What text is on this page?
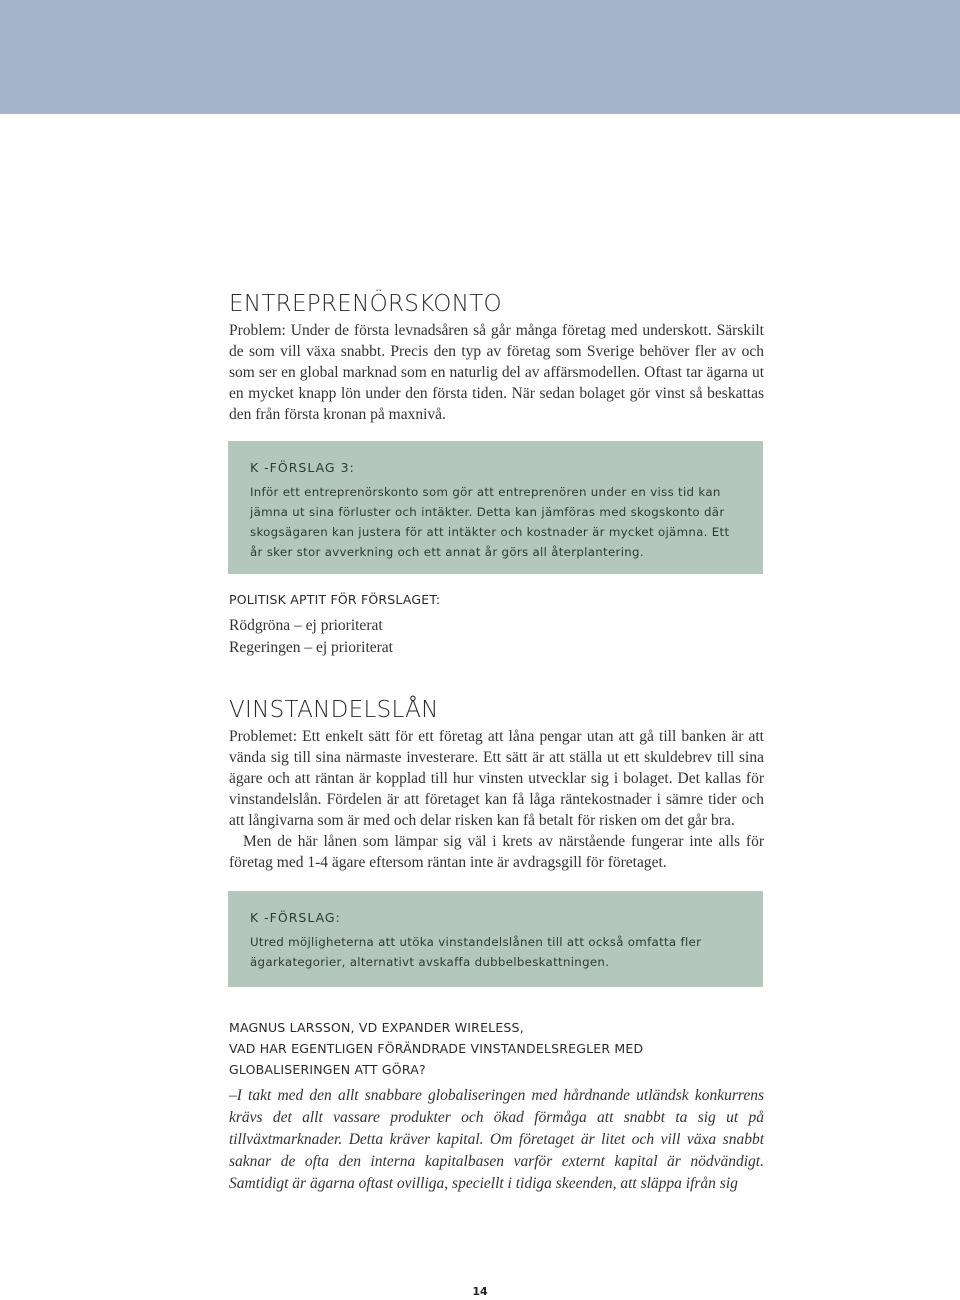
ENTREPRENÖRSKONTO

Problem: Under de första levnadsåren så går många företag med underskott. Särskilt de som vill växa snabbt. Precis den typ av företag som Sverige behöver fler av och som ser en global marknad som en naturlig del av affärsmodellen. Oftast tar ägarna ut en mycket knapp lön under den första tiden. När sedan bolaget gör vinst så beskattas den från första kronan på maxnivå.

K -FÖRSLAG 3:

Inför ett entreprenörskonto som gör att entreprenören under en viss tid kan jämna ut sina förluster och intäkter. Detta kan jämföras med skogskonto där skogsägaren kan justera för att intäkter och kostnader är mycket ojämna. Ett år sker stor avverkning och ett annat år görs all återplantering.

POLITISK APTIT FÖR FÖRSLAGET:

Rödgröna – ej prioriterat

Regeringen – ej prioriterat

VINSTANDELSLÅN

Problemet: Ett enkelt sätt för ett företag att låna pengar utan att gå till banken är att vända sig till sina närmaste investerare. Ett sätt är att ställa ut ett skuldebrev till sina ägare och att räntan är kopplad till hur vinsten utvecklar sig i bolaget. Det kallas för vinstandelslån. Fördelen är att företaget kan få låga räntekostnader i sämre tider och att långivarna som är med och delar risken kan få betalt för risken om det går bra.

Men de här lånen som lämpar sig väl i krets av närstående fungerar inte alls för företag med 1-4 ägare eftersom räntan inte är avdragsgill för företaget.

K -FÖRSLAG:

Utred möjligheterna att utöka vinstandelslånen till att också omfatta fler ägarkategorier, alternativt avskaffa dubbelbeskattningen.

MAGNUS LARSSON, VD EXPANDER WIRELESS,

VAD HAR EGENTLIGEN FÖRÄNDRADE VINSTANDELSREGLER MED

GLOBALISERINGEN ATT GÖRA?

–I takt med den allt snabbare globaliseringen med hårdnande utländsk konkurrens krävs det allt vassare produkter och ökad förmåga att snabbt ta sig ut på tillväxtmarknader. Detta kräver kapital. Om företaget är litet och vill växa snabbt saknar de ofta den interna kapitalbasen varför externt kapital är nödvändigt. Samtidigt är ägarna oftast ovilliga, speciellt i tidiga skeenden, att släppa ifrån sig

14
